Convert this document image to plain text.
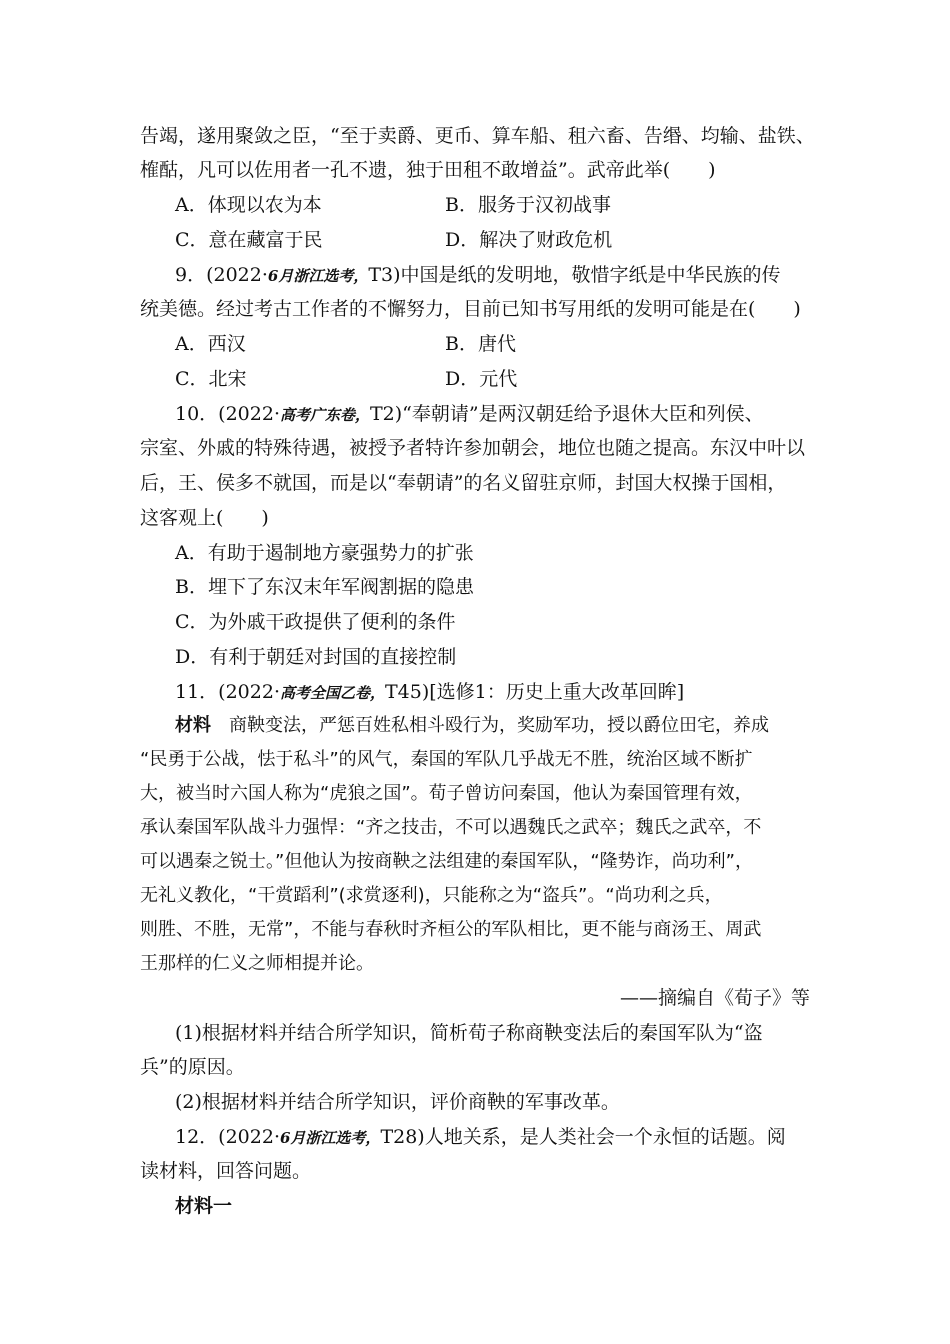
告竭，遂用聚敛之臣，“至于卖爵、更币、算车船、租六畜、告缗、均输、盐铁、
榷酤，凡可以佐用者一孔不遗，独于田租不敢增益”。武帝此举(　　)
A．体现以农为本	B．服务于汉初战事
C．意在藏富于民	D．解决了财政危机
9．(2022·6月浙江选考，T3)中国是纸的发明地，敬惜字纸是中华民族的传
统美德。经过考古工作者的不懈努力，目前已知书写用纸的发明可能是在(　　)
A．西汉	B．唐代
C．北宋	D．元代
10．(2022·高考广东卷，T2)“奉朝请”是两汉朝廷给予退休大臣和列侯、
宗室、外戚的特殊待遇，被授予者特许参加朝会，地位也随之提高。东汉中叶以
后，王、侯多不就国，而是以“奉朝请”的名义留驻京师，封国大权操于国相，
这客观上(　　)
A．有助于遏制地方豪强势力的扩张
B．埋下了东汉末年军阀割据的隐患
C．为外戚干政提供了便利的条件
D．有利于朝廷对封国的直接控制
11．(2022·高考全国乙卷，T45)[选修1：历史上重大改革回眸]
材料　 商鞅变法，严惩百姓私相斗殴行为，奖励军功，授以爵位田宅，养成
“民勇于公战，怯于私斗”的风气，秦国的军队几乎战无不胜，统治区域不断扩
大，被当时六国人称为“虎狼之国”。荀子曾访问秦国，他认为秦国管理有效，
承认秦国军队战斗力强悍：“齐之技击，不可以遇魏氏之武卒；魏氏之武卒，不
可以遇秦之锐士。”但他认为按商鞅之法组建的秦国军队，“隆势诈，尚功利”，
无礼义教化，“干赏蹈利”(求赏逐利)，只能称之为“盗兵”。“尚功利之兵，
则胜、不胜，无常”，不能与春秋时齐桓公的军队相比，更不能与商汤王、周武
王那样的仁义之师相提并论。
——摘编自《荀子》等
(1)根据材料并结合所学知识，简析荀子称商鞅变法后的秦国军队为“盗
兵”的原因。
(2)根据材料并结合所学知识，评价商鞅的军事改革。
12．(2022·6月浙江选考，T28)人地关系，是人类社会一个永恒的话题。阅
读材料，回答问题。
材料一
